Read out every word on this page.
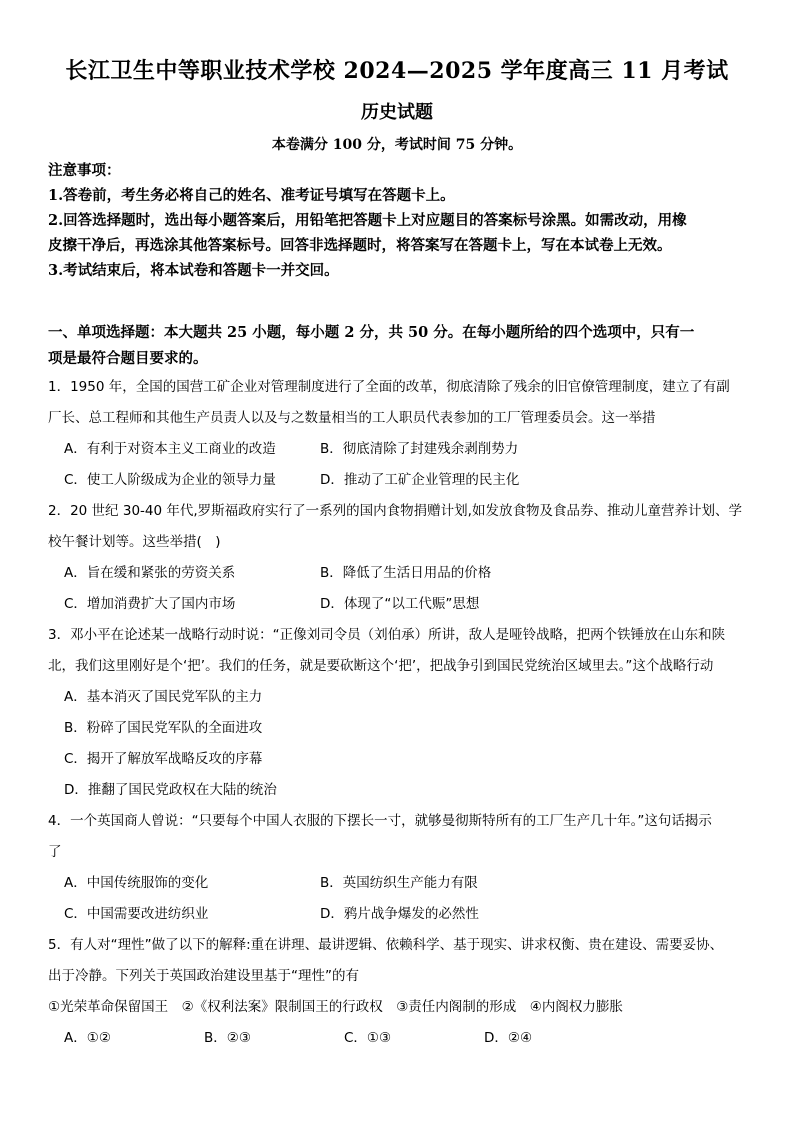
长江卫生中等职业技术学校 2024—2025 学年度高三 11 月考试
历史试题
本卷满分 100 分，考试时间 75 分钟。
注意事项：
1.答卷前，考生务必将自己的姓名、准考证号填写在答题卡上。
2.回答选择题时，选出每小题答案后，用铅笔把答题卡上对应题目的答案标号涂黑。如需改动，用橡
皮擦干净后，再选涂其他答案标号。回答非选择题时，将答案写在答题卡上，写在本试卷上无效。
3.考试结束后，将本试卷和答题卡一并交回。
一、单项选择题：本大题共 25 小题，每小题 2 分，共 50 分。在每小题所给的四个选项中，只有一
项是最符合题目要求的。
1．1950 年，全国的国营工矿企业对管理制度进行了全面的改革，彻底清除了残余的旧官僚管理制度，建立了有副
厂长、总工程师和其他生产员责人以及与之数量相当的工人职员代表参加的工厂管理委员会。这一举措
A．有利于对资本主义工商业的改造	B．彻底清除了封建残余剥削势力
C．使工人阶级成为企业的领导力量	D．推动了工矿企业管理的民主化
2．20 世纪 30-40 年代,罗斯福政府实行了一系列的国内食物捐赠计划,如发放食物及食品券、推动儿童营养计划、学
校午餐计划等。这些举措(　)
A．旨在缓和紧张的劳资关系	B．降低了生活日用品的价格
C．增加消费扩大了国内市场	D．体现了“以工代赈”思想
3．邓小平在论述某一战略行动时说：“正像刘司令员（刘伯承）所讲，敌人是哑铃战略，把两个铁锤放在山东和陕
北，我们这里刚好是个‘把’。我们的任务，就是要砍断这个‘把’，把战争引到国民党统治区域里去。”这个战略行动
A．基本消灭了国民党军队的主力
B．粉碎了国民党军队的全面进攻
C．揭开了解放军战略反攻的序幕
D．推翻了国民党政权在大陆的统治
4．一个英国商人曾说：“只要每个中国人衣服的下摆长一寸，就够曼彻斯特所有的工厂生产几十年。”这句话揭示
了
A．中国传统服饰的变化	B．英国纺织生产能力有限
C．中国需要改进纺织业	D．鸦片战争爆发的必然性
5．有人对“理性”做了以下的解释:重在讲理、最讲逻辑、依赖科学、基于现实、讲求权衡、贵在建设、需要妥协、
出于冷静。下列关于英国政治建设里基于“理性”的有
①光荣革命保留国王　②《权利法案》限制国王的行政权　③责任内阁制的形成　④内阁权力膨胀
A．①②	B．②③	C．①③	D．②④
